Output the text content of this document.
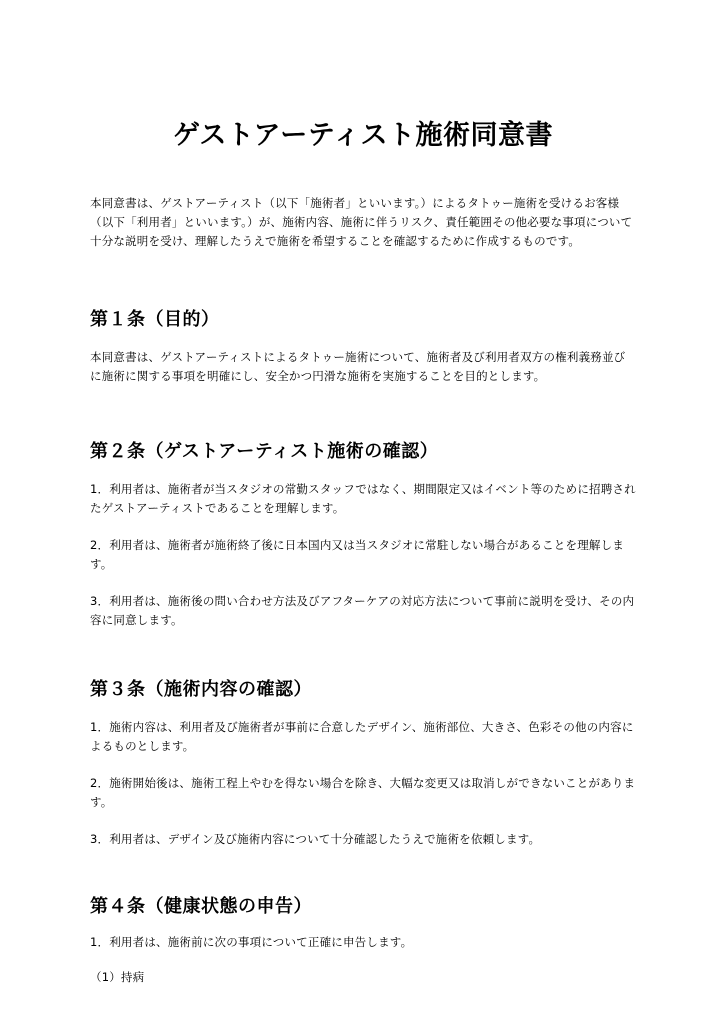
ゲストアーティスト施術同意書

本同意書は、ゲストアーティスト（以下「施術者」といいます。）によるタトゥー施術を受けるお客様（以下「利用者」といいます。）が、施術内容、施術に伴うリスク、責任範囲その他必要な事項について十分な説明を受け、理解したうえで施術を希望することを確認するために作成するものです。

第１条（目的）

本同意書は、ゲストアーティストによるタトゥー施術について、施術者及び利用者双方の権利義務並びに施術に関する事項を明確にし、安全かつ円滑な施術を実施することを目的とします。

第２条（ゲストアーティスト施術の確認）

1．利用者は、施術者が当スタジオの常勤スタッフではなく、期間限定又はイベント等のために招聘されたゲストアーティストであることを理解します。

2．利用者は、施術者が施術終了後に日本国内又は当スタジオに常駐しない場合があることを理解します。

3．利用者は、施術後の問い合わせ方法及びアフターケアの対応方法について事前に説明を受け、その内容に同意します。

第３条（施術内容の確認）

1．施術内容は、利用者及び施術者が事前に合意したデザイン、施術部位、大きさ、色彩その他の内容によるものとします。

2．施術開始後は、施術工程上やむを得ない場合を除き、大幅な変更又は取消しができないことがあります。

3．利用者は、デザイン及び施術内容について十分確認したうえで施術を依頼します。

第４条（健康状態の申告）

1．利用者は、施術前に次の事項について正確に申告します。

（1）持病
